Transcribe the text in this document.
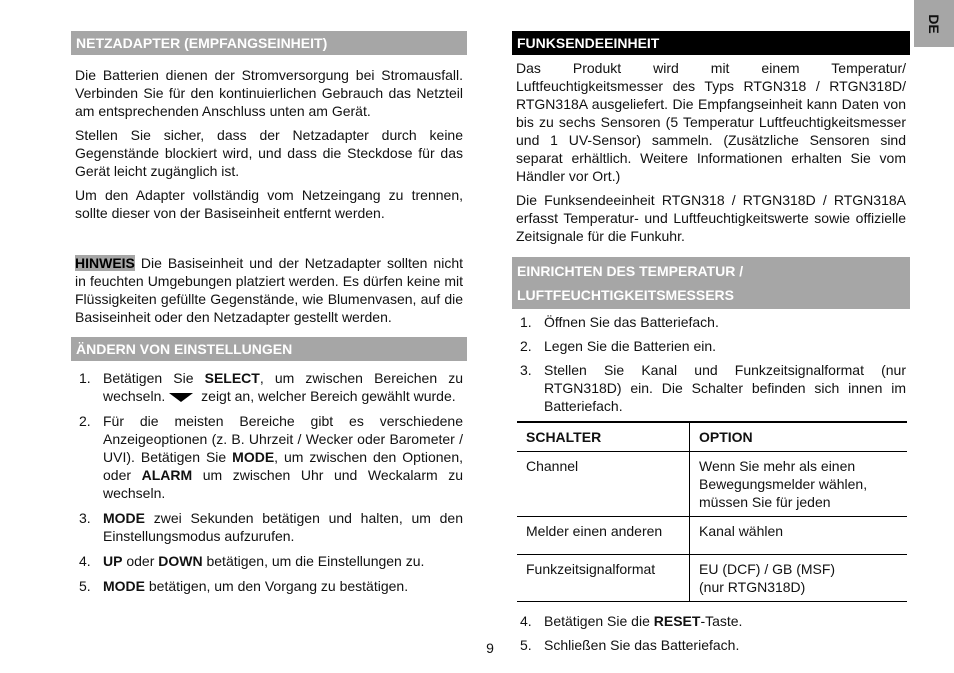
DE
NETZADAPTER (EMPFANGSEINHEIT)

Die Batterien dienen der Stromversorgung bei Stromausfall. Verbinden Sie für den kontinuierlichen Gebrauch das Netzteil am entsprechenden Anschluss unten am Gerät.

Stellen Sie sicher, dass der Netzadapter durch keine Gegenstände blockiert wird, und dass die Steckdose für das Gerät leicht zugänglich ist.

Um den Adapter vollständig vom Netzeingang zu trennen, sollte dieser von der Basiseinheit entfernt werden.

HINWEIS Die Basiseinheit und der Netzadapter sollten nicht in feuchten Umgebungen platziert werden. Es dürfen keine mit Flüssigkeiten gefüllte Gegenstände, wie Blumenvasen, auf die Basiseinheit oder den Netzadapter gestellt werden.

ÄNDERN VON EINSTELLUNGEN
1. Betätigen Sie SELECT, um zwischen Bereichen zu wechseln. zeigt an, welcher Bereich gewählt wurde.
2. Für die meisten Bereiche gibt es verschiedene Anzeigeoptionen (z. B. Uhrzeit / Wecker oder Barometer / UVI). Betätigen Sie MODE, um zwischen den Optionen, oder ALARM um zwischen Uhr und Weckalarm zu wechseln.
3. MODE zwei Sekunden betätigen und halten, um den Einstellungsmodus aufzurufen.
4. UP oder DOWN betätigen, um die Einstellungen zu.
5. MODE betätigen, um den Vorgang zu bestätigen.
FUNKSENDEEINHEIT

Das Produkt wird mit einem Temperatur/ Luftfeuchtigkeitsmesser des Typs RTGN318 / RTGN318D/ RTGN318A ausgeliefert. Die Empfangseinheit kann Daten von bis zu sechs Sensoren (5 Temperatur Luftfeuchtigkeitsmesser und 1 UV-Sensor) sammeln. (Zusätzliche Sensoren sind separat erhältlich. Weitere Informationen erhalten Sie vom Händler vor Ort.)

Die Funksendeeinheit RTGN318 / RTGN318D / RTGN318A erfasst Temperatur- und Luftfeuchtigkeitswerte sowie offizielle Zeitsignale für die Funkuhr.

EINRICHTEN DES TEMPERATUR /
LUFTFEUCHTIGKEITSMESSERS
1. Öffnen Sie das Batteriefach.
2. Legen Sie die Batterien ein.
3. Stellen Sie Kanal und Funkzeitsignalformat (nur RTGN318D) ein. Die Schalter befinden sich innen im Batteriefach.
SCHALTER	OPTION
Channel	Wenn Sie mehr als einen Bewegungsmelder wählen, müssen Sie für jeden
Melder einen anderen	Kanal wählen
Funkzeitsignalformat	EU (DCF) / GB (MSF)
(nur RTGN318D)
4. Betätigen Sie die RESET-Taste.
5. Schließen Sie das Batteriefach.
9
